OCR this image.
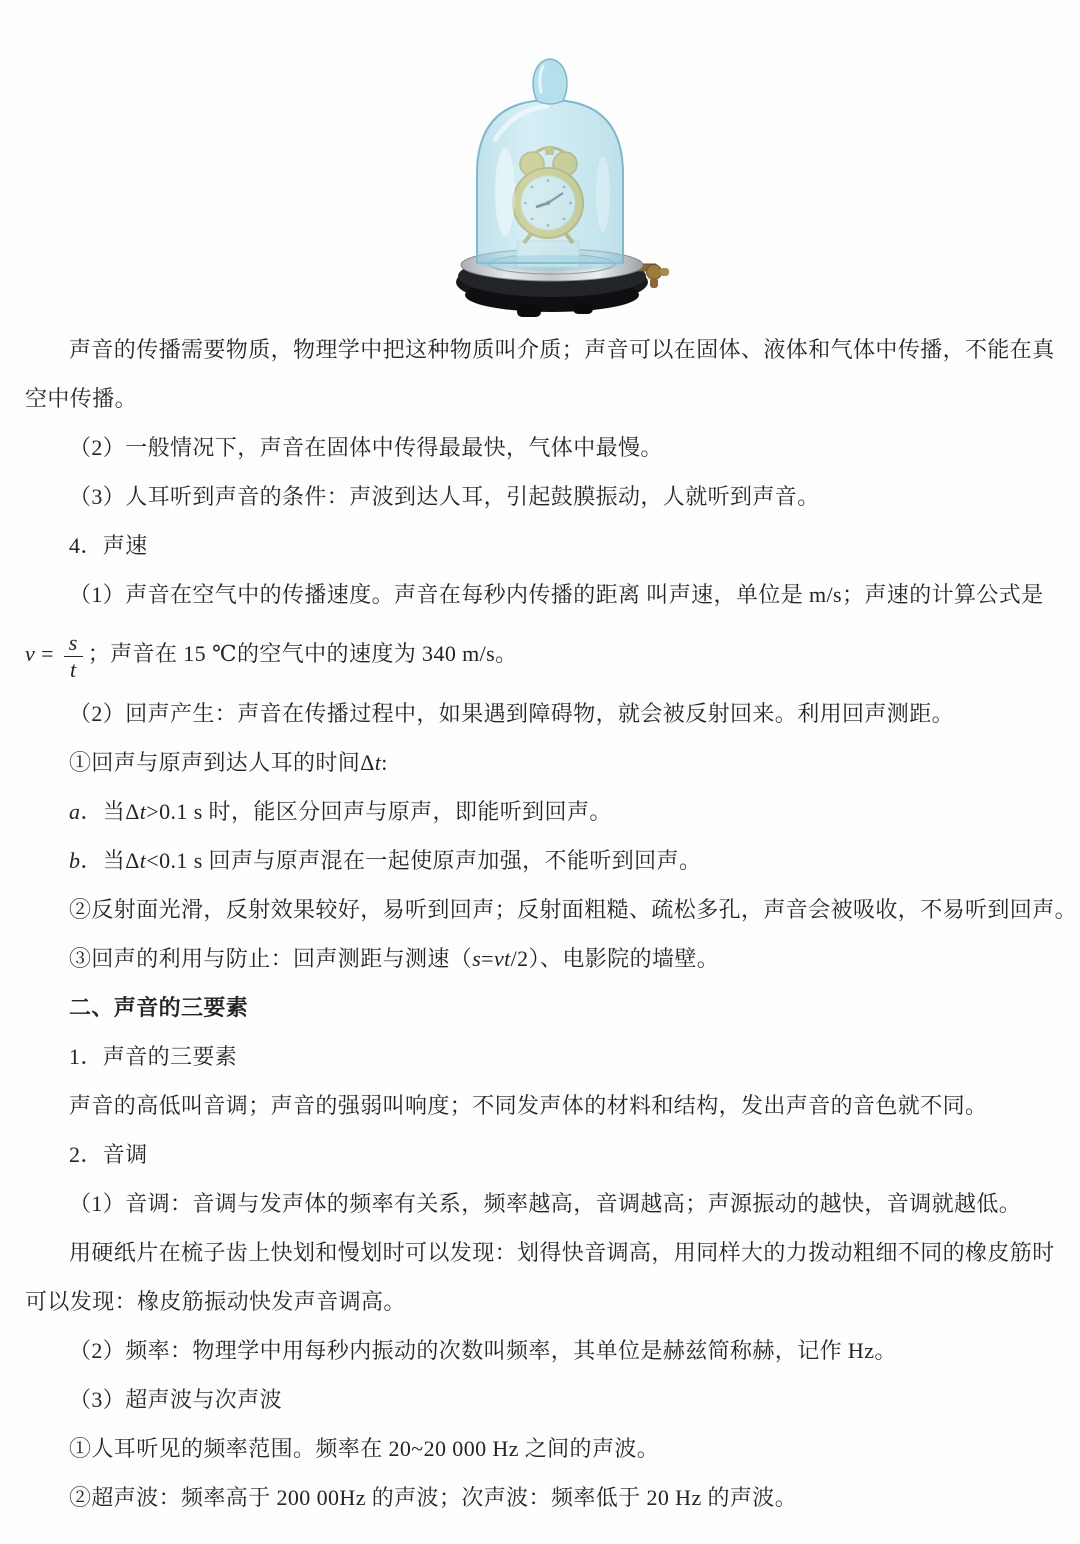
声音的传播需要物质，物理学中把这种物质叫介质；声音可以在固体、液体和气体中传播，不能在真
空中传播。
（2）一般情况下，声音在固体中传得最最快，气体中最慢。
（3）人耳听到声音的条件：声波到达人耳，引起鼓膜振动，人就听到声音。
4．声速
（1）声音在空气中的传播速度。声音在每秒内传播的距离 叫声速，单位是 m/s；声速的计算公式是
$v = \frac{s}{t}$ ；声音在 15 ℃的空气中的速度为 340 m/s。
（2）回声产生：声音在传播过程中，如果遇到障碍物，就会被反射回来。利用回声测距。
①回声与原声到达人耳的时间Δt:
a．当Δt>0.1 s 时，能区分回声与原声，即能听到回声。
b．当Δt<0.1 s 回声与原声混在一起使原声加强，不能听到回声。
②反射面光滑，反射效果较好，易听到回声；反射面粗糙、疏松多孔，声音会被吸收，不易听到回声。
③回声的利用与防止：回声测距与测速（s=vt/2）、电影院的墙壁。
二、声音的三要素
1．声音的三要素
声音的高低叫音调；声音的强弱叫响度；不同发声体的材料和结构，发出声音的音色就不同。
2．音调
（1）音调：音调与发声体的频率有关系，频率越高，音调越高；声源振动的越快，音调就越低。
用硬纸片在梳子齿上快划和慢划时可以发现：划得快音调高，用同样大的力拨动粗细不同的橡皮筋时
可以发现：橡皮筋振动快发声音调高。
（2）频率：物理学中用每秒内振动的次数叫频率，其单位是赫兹简称赫，记作 Hz。
（3）超声波与次声波
①人耳听见的频率范围。频率在 20~20 000 Hz 之间的声波。
②超声波：频率高于 200 00Hz 的声波；次声波：频率低于 20 Hz 的声波。
